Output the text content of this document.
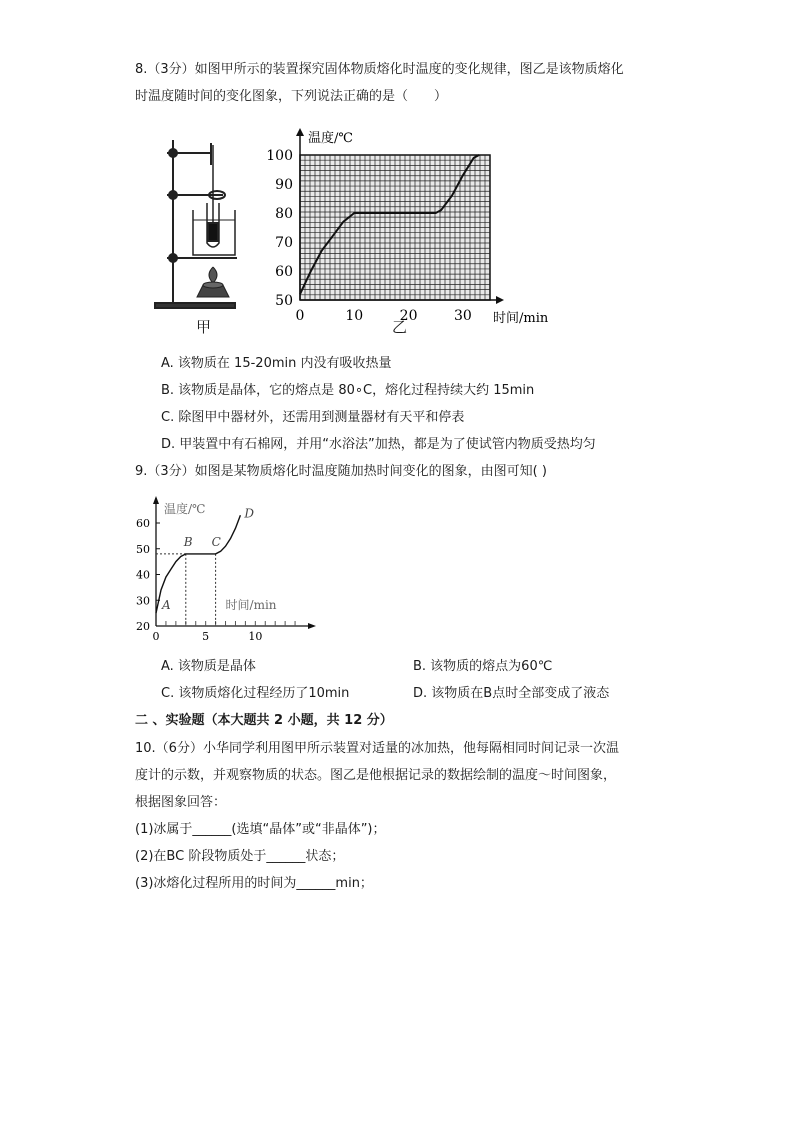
8.（3分）如图甲所示的装置探究固体物质熔化时温度的变化规律，图乙是该物质熔化
时温度随时间的变化图象，下列说法正确的是（　　）
甲
50
60
70
80
90
100
0	10	20	30
温度/℃
时间/min
乙
A. 该物质在 15-20min 内没有吸收热量
B. 该物质是晶体，它的熔点是 80∘C，熔化过程持续大约 15min
C. 除图甲中器材外，还需用到测量器材有天平和停表
D. 甲装置中有石棉网，并用“水浴法”加热，都是为了使试管内物质受热均匀
9.（3分）如图是某物质熔化时温度随加热时间变化的图象，由图可知( )
20
30
40
50
60
0	5	10
温度/℃
时间/min
A
B C
D
A. 该物质是晶体	B. 该物质的熔点为60℃
C. 该物质熔化过程经历了10min	D. 该物质在B点时全部变成了液态
二 、实验题（本大题共 2 小题，共 12 分）
10.（6分）小华同学利用图甲所示装置对适量的冰加热，他每隔相同时间记录一次温
度计的示数，并观察物质的状态。图乙是他根据记录的数据绘制的温度～时间图象，
根据图象回答：
(1)冰属于______(选填“晶体”或“非晶体”)；
(2)在BC 阶段物质处于______状态；
(3)冰熔化过程所用的时间为______min；
